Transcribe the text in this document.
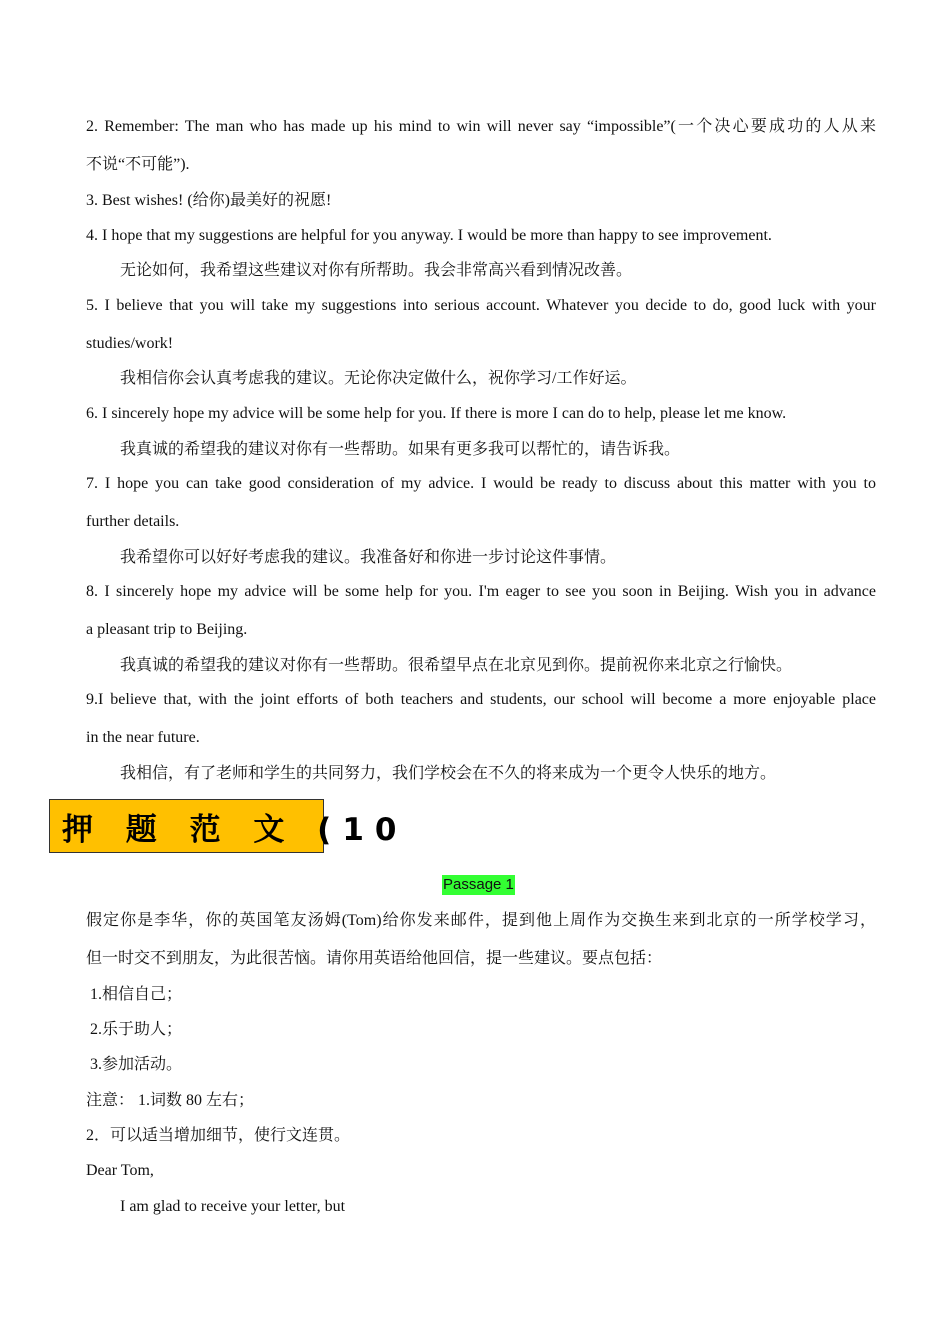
2. Remember: The man who has made up his mind to win will never say “impossible”(一个决心要成功的人从来
不说“不可能”).
3. Best wishes! (给你)最美好的祝愿!
4. I hope that my suggestions are helpful for you anyway. I would be more than happy to see improvement.
无论如何，我希望这些建议对你有所帮助。我会非常高兴看到情况改善。
5. I believe that you will take my suggestions into serious account. Whatever you decide to do, good luck with your
studies/work!
我相信你会认真考虑我的建议。无论你决定做什么，祝你学习/工作好运。
6. I sincerely hope my advice will be some help for you. If there is more I can do to help, please let me know.
我真诚的希望我的建议对你有一些帮助。如果有更多我可以帮忙的，请告诉我。
7. I hope you can take good consideration of my advice. I would be ready to discuss about this matter with you to
further details.
我希望你可以好好考虑我的建议。我准备好和你进一步讨论这件事情。
8. I sincerely hope my advice will be some help for you. I'm eager to see you soon in Beijing. Wish you in advance
a pleasant trip to Beijing.
我真诚的希望我的建议对你有一些帮助。很希望早点在北京见到你。提前祝你来北京之行愉快。
9.I believe that, with the joint efforts of both teachers and students, our school will become a more enjoyable place
in the near future.
我相信，有了老师和学生的共同努力，我们学校会在不久的将来成为一个更令人快乐的地方。
押 题 范 文 (10
Passage 1
假定你是李华，你的英国笔友汤姆(Tom)给你发来邮件，提到他上周作为交换生来到北京的一所学校学习，
但一时交不到朋友，为此很苦恼。请你用英语给他回信，提一些建议。要点包括：
1.相信自己；
2.乐于助人；
3.参加活动。
注意： 1.词数 80 左右；
2．可以适当增加细节，使行文连贯。
Dear Tom,
I am glad to receive your letter, but
